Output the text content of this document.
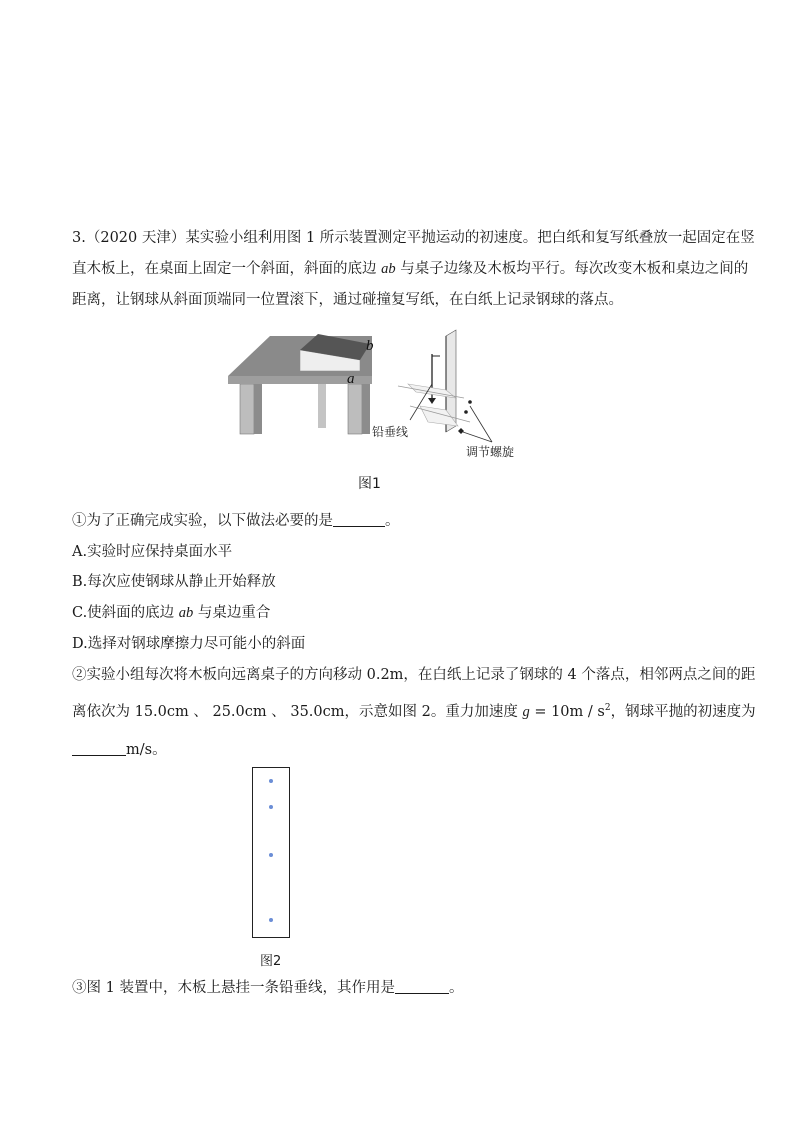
3.（2020 天津）某实验小组利用图 1 所示装置测定平抛运动的初速度。把白纸和复写纸叠放一起固定在竖
直木板上，在桌面上固定一个斜面，斜面的底边 ab 与桌子边缘及木板均平行。每次改变木板和桌边之间的
距离，让钢球从斜面顶端同一位置滚下，通过碰撞复写纸，在白纸上记录钢球的落点。
b
a
铅垂线
调节螺旋
图1
①为了正确完成实验，以下做法必要的是	。
A.实验时应保持桌面水平
B.每次应使钢球从静止开始释放
C.使斜面的底边 ab 与桌边重合
D.选择对钢球摩擦力尽可能小的斜面
②实验小组每次将木板向远离桌子的方向移动 0.2m，在白纸上记录了钢球的 4 个落点，相邻两点之间的距
离依次为 15.0cm 、 25.0cm 、 35.0cm，示意如图 2。重力加速度 $g = 10m / s^2$，钢球平抛的初速度为
m/s。
图2
③图 1 装置中，木板上悬挂一条铅垂线，其作用是	。
